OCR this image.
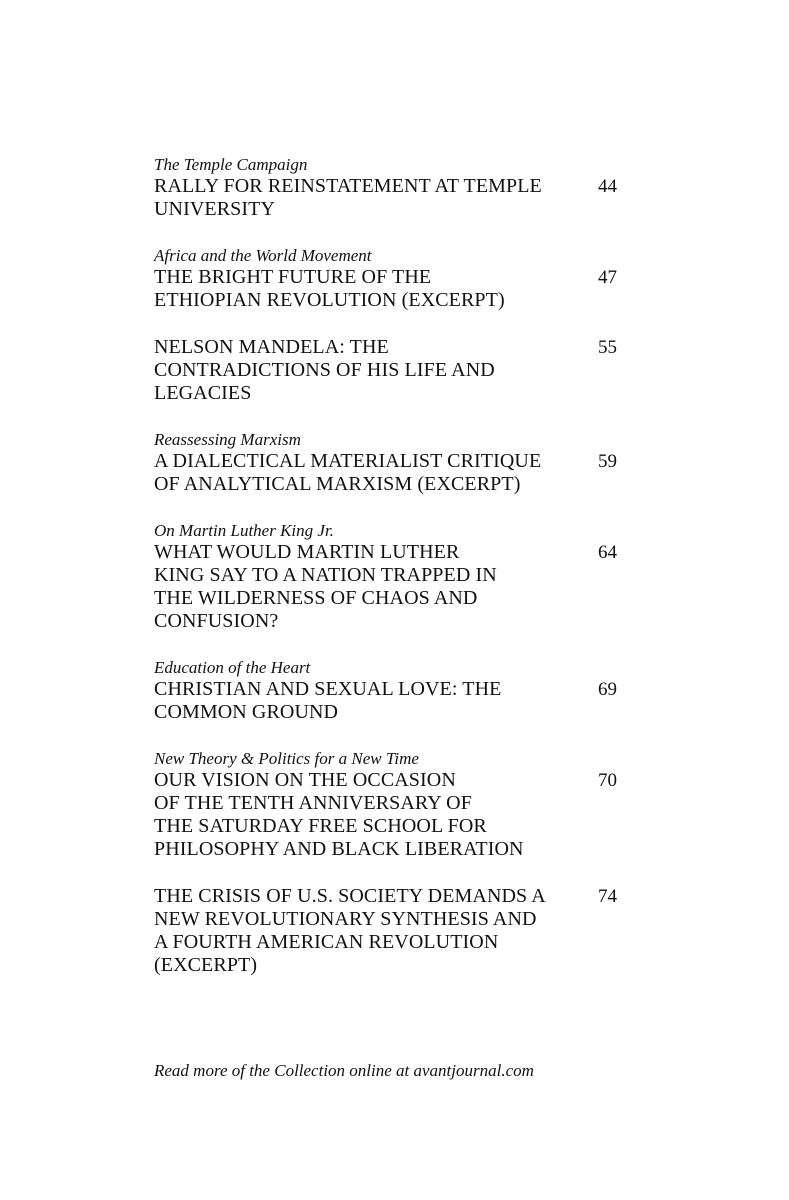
The Temple Campaign
RALLY FOR REINSTATEMENT AT TEMPLE
UNIVERSITY
44
Africa and the World Movement
THE BRIGHT FUTURE OF THE
ETHIOPIAN REVOLUTION (EXCERPT)
47
NELSON MANDELA: THE
CONTRADICTIONS OF HIS LIFE AND
LEGACIES
55
Reassessing Marxism
A DIALECTICAL MATERIALIST CRITIQUE
OF ANALYTICAL MARXISM (EXCERPT)
59
On Martin Luther King Jr.
WHAT WOULD MARTIN LUTHER
KING SAY TO A NATION TRAPPED IN
THE WILDERNESS OF CHAOS AND
CONFUSION?
64
Education of the Heart
CHRISTIAN AND SEXUAL LOVE: THE
COMMON GROUND
69
New Theory & Politics for a New Time
OUR VISION ON THE OCCASION
OF THE TENTH ANNIVERSARY OF
THE SATURDAY FREE SCHOOL FOR
PHILOSOPHY AND BLACK LIBERATION
70
THE CRISIS OF U.S. SOCIETY DEMANDS A
NEW REVOLUTIONARY SYNTHESIS AND
A FOURTH AMERICAN REVOLUTION
(EXCERPT)
74
Read more of the Collection online at avantjournal.com
